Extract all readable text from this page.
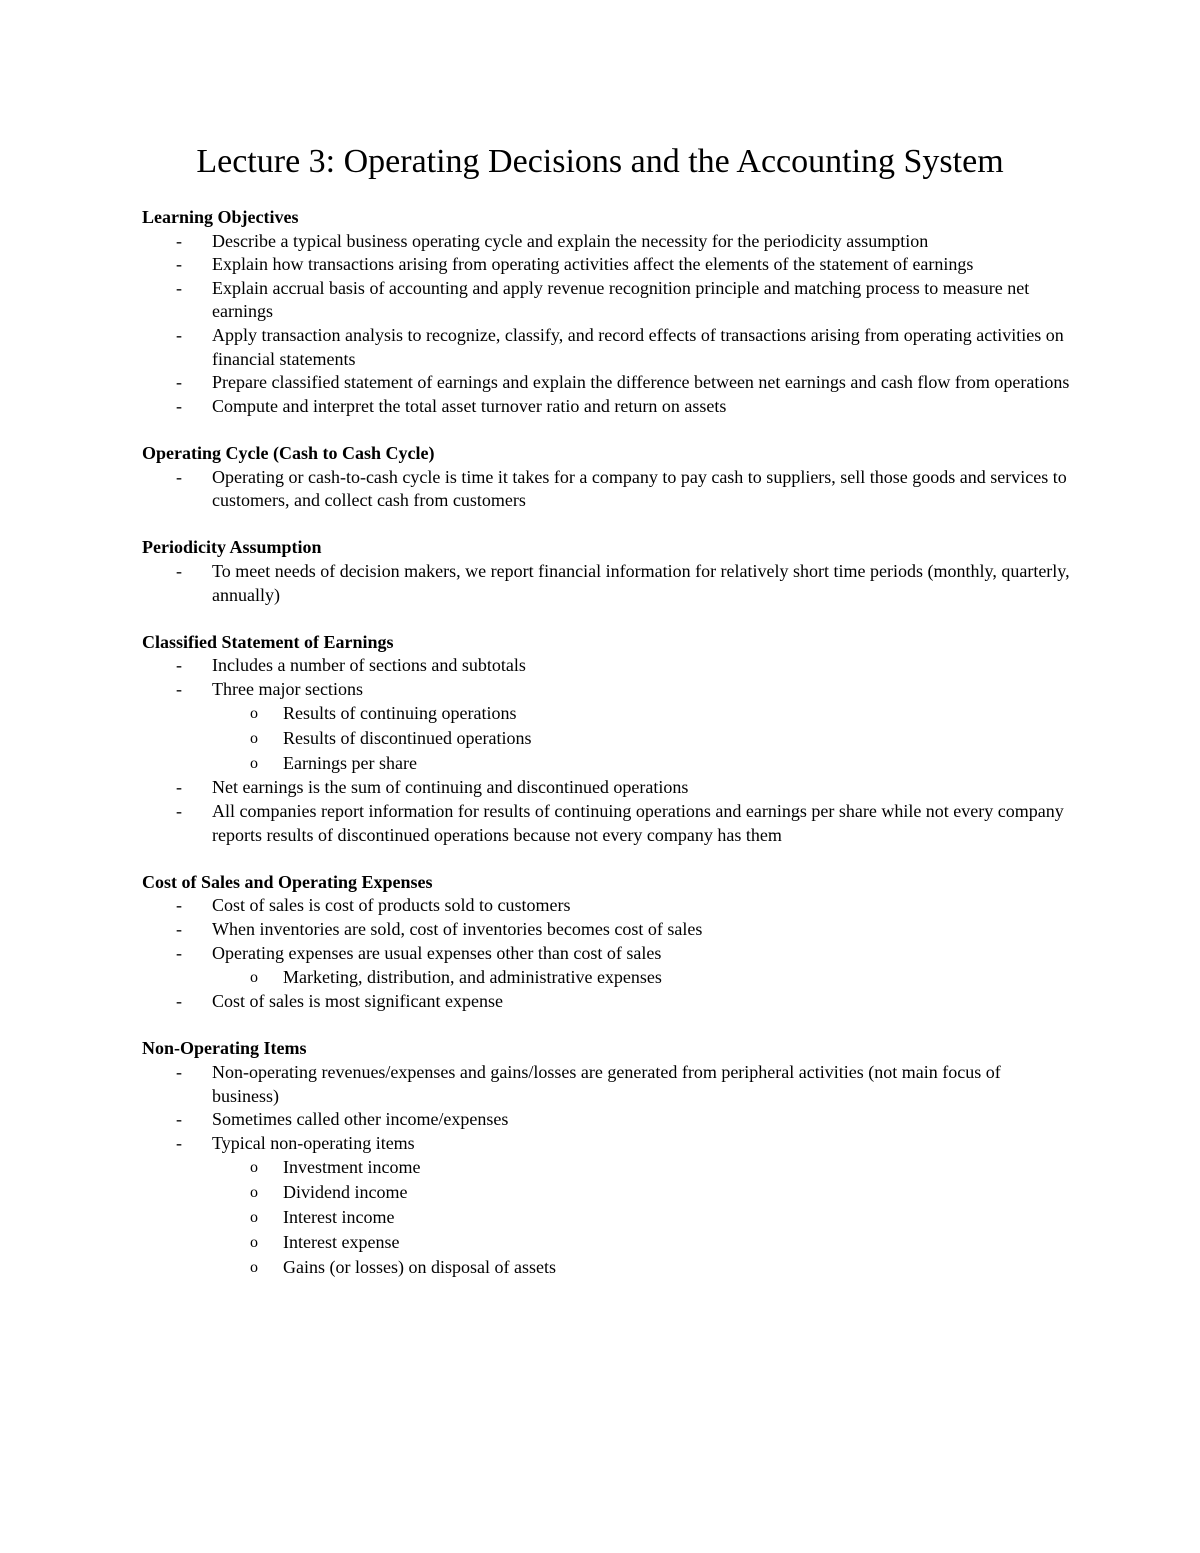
Lecture 3: Operating Decisions and the Accounting System

Learning Objectives

- Describe a typical business operating cycle and explain the necessity for the periodicity assumption
- Explain how transactions arising from operating activities affect the elements of the statement of earnings
- Explain accrual basis of accounting and apply revenue recognition principle and matching process to measure net earnings
- Apply transaction analysis to recognize, classify, and record effects of transactions arising from operating activities on financial statements
- Prepare classified statement of earnings and explain the difference between net earnings and cash flow from operations
- Compute and interpret the total asset turnover ratio and return on assets

Operating Cycle (Cash to Cash Cycle)

- Operating or cash-to-cash cycle is time it takes for a company to pay cash to suppliers, sell those goods and services to customers, and collect cash from customers

Periodicity Assumption

- To meet needs of decision makers, we report financial information for relatively short time periods (monthly, quarterly, annually)

Classified Statement of Earnings

- Includes a number of sections and subtotals
- Three major sections
o Results of continuing operations
o Results of discontinued operations
o Earnings per share
- Net earnings is the sum of continuing and discontinued operations
- All companies report information for results of continuing operations and earnings per share while not every company reports results of discontinued operations because not every company has them

Cost of Sales and Operating Expenses

- Cost of sales is cost of products sold to customers
- When inventories are sold, cost of inventories becomes cost of sales
- Operating expenses are usual expenses other than cost of sales
o Marketing, distribution, and administrative expenses
- Cost of sales is most significant expense

Non-Operating Items

- Non-operating revenues/expenses and gains/losses are generated from peripheral activities (not main focus of business)
- Sometimes called other income/expenses
- Typical non-operating items
o Investment income
o Dividend income
o Interest income
o Interest expense
o Gains (or losses) on disposal of assets
